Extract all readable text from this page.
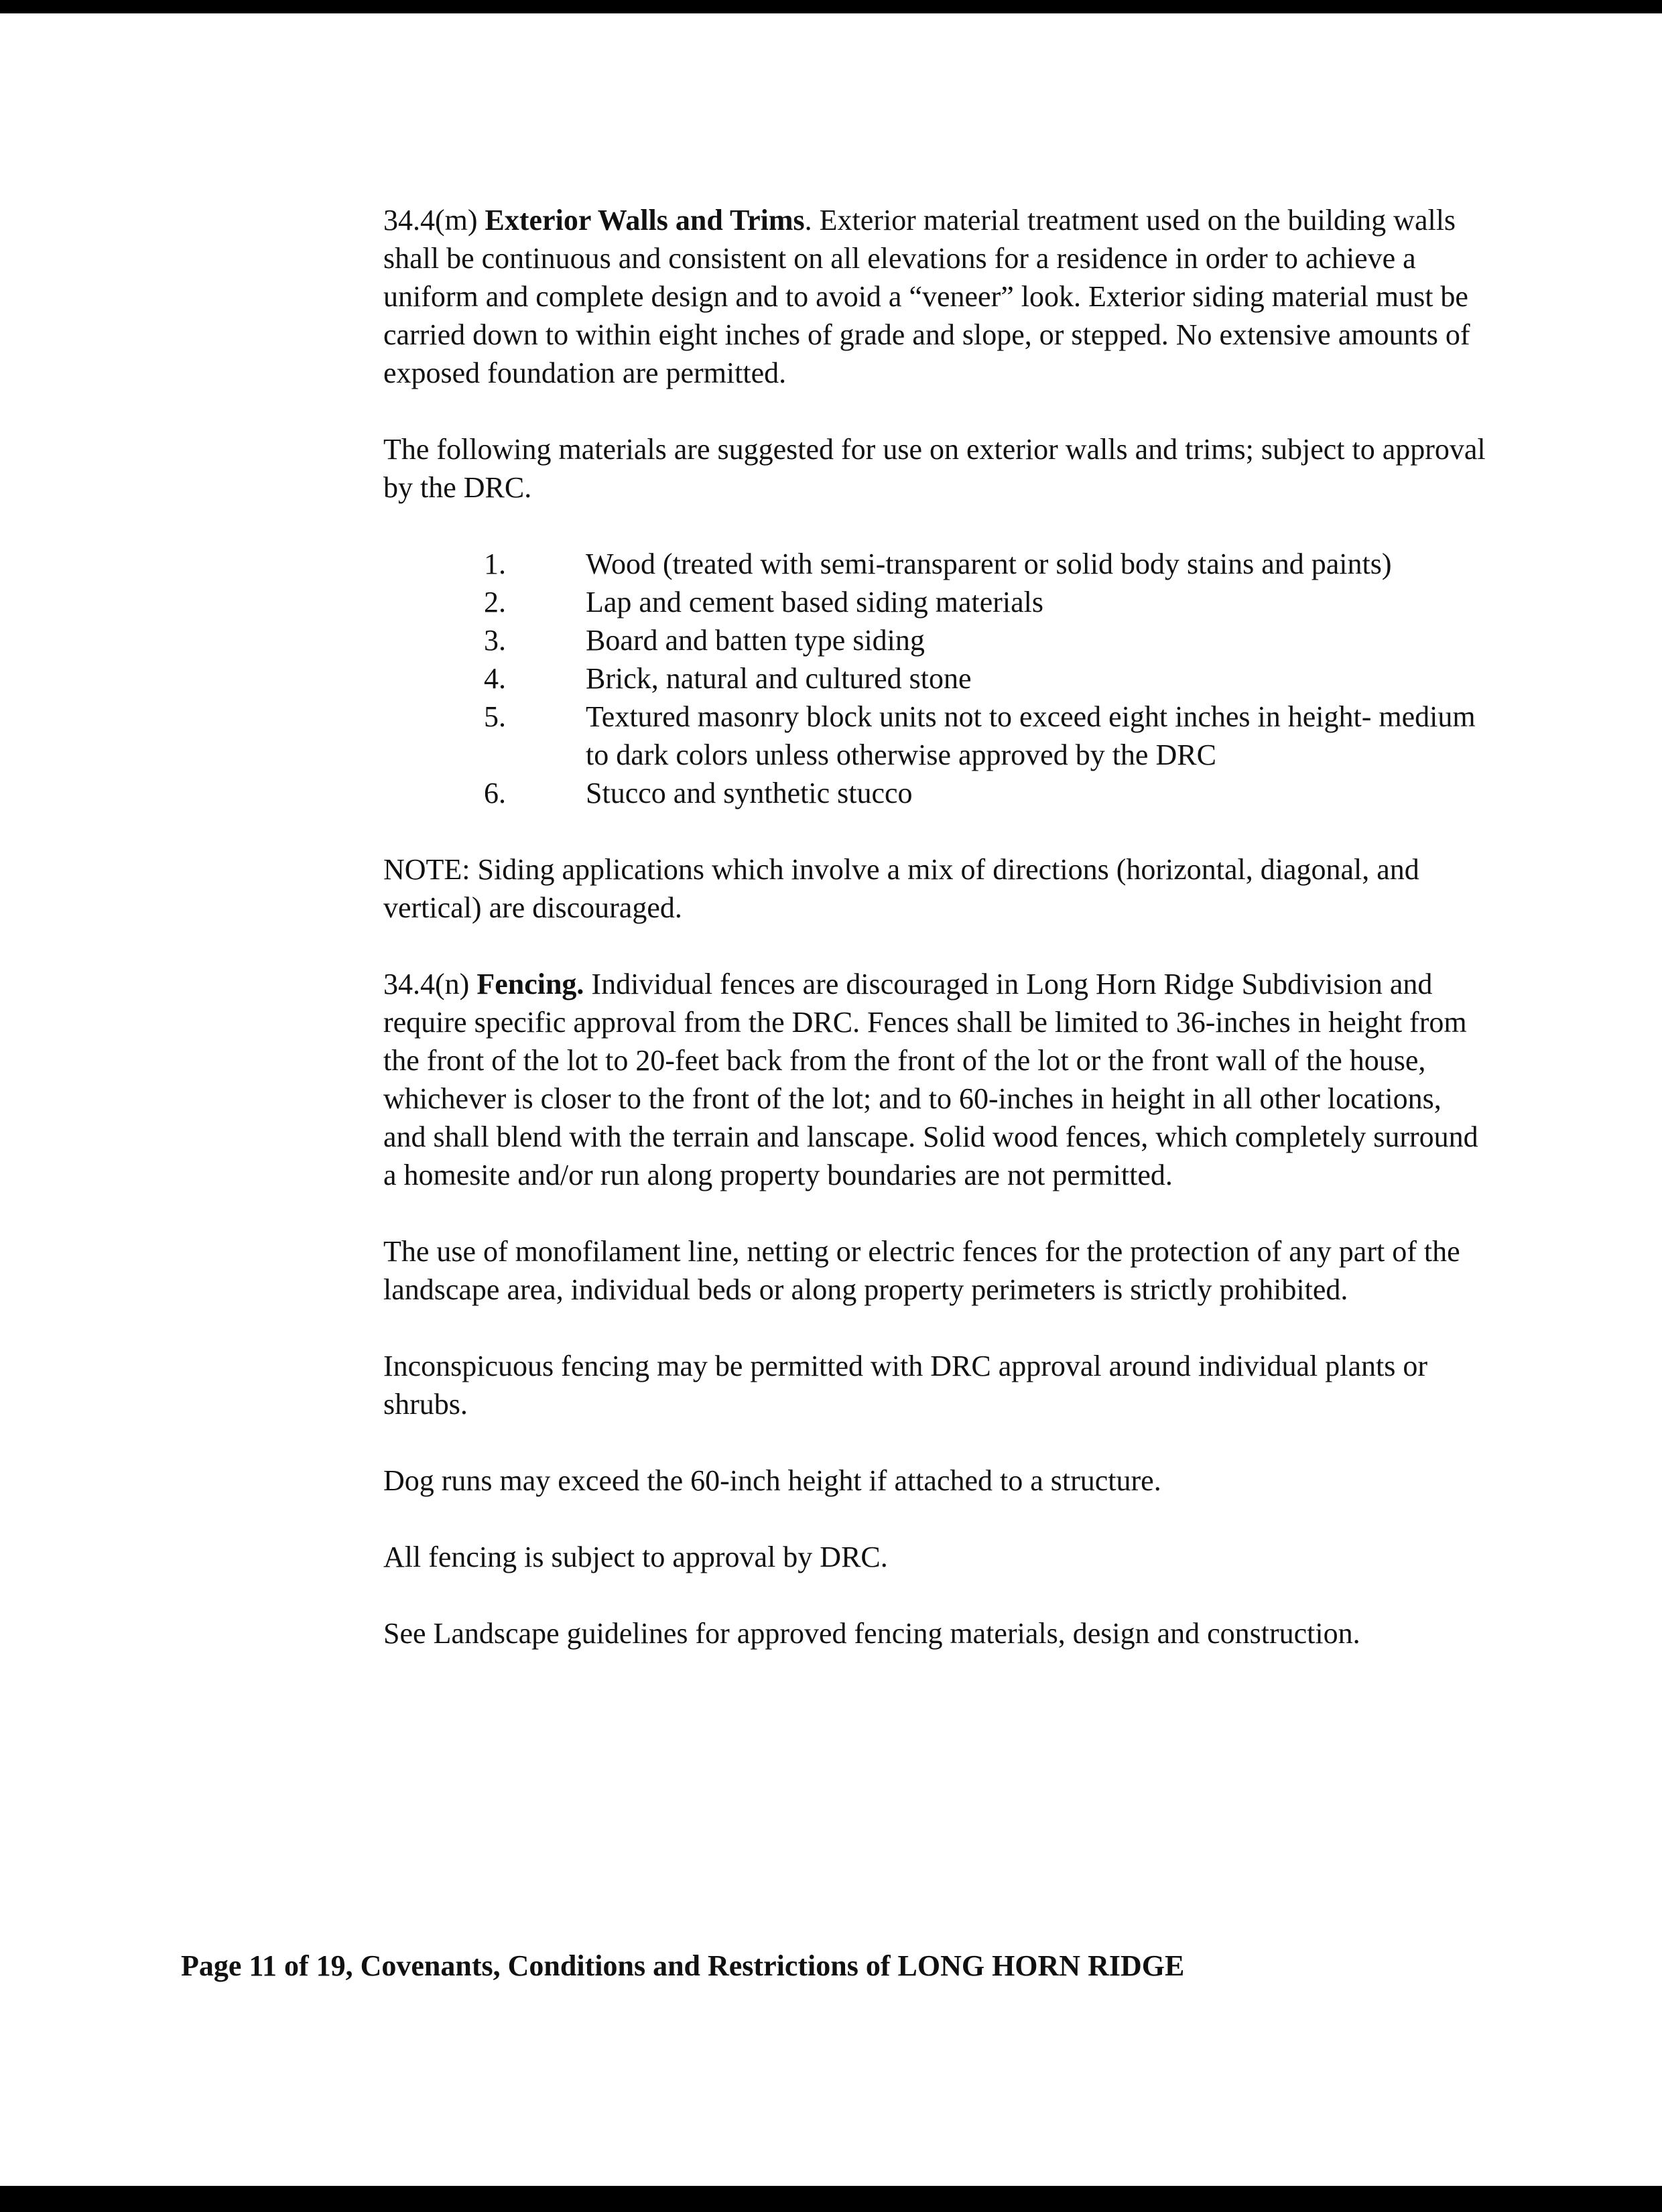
34.4(m) Exterior Walls and Trims. Exterior material treatment used on the building walls shall be continuous and consistent on all elevations for a residence in order to achieve a uniform and complete design and to avoid a “veneer” look. Exterior siding material must be carried down to within eight inches of grade and slope, or stepped. No extensive amounts of exposed foundation are permitted.

The following materials are suggested for use on exterior walls and trims; subject to approval by the DRC.

1.	Wood (treated with semi-transparent or solid body stains and paints)
2.	Lap and cement based siding materials
3.	Board and batten type siding
4.	Brick, natural and cultured stone
5.	Textured masonry block units not to exceed eight inches in height- medium to dark colors unless otherwise approved by the DRC
6.	Stucco and synthetic stucco

NOTE: Siding applications which involve a mix of directions (horizontal, diagonal, and vertical) are discouraged.

34.4(n) Fencing. Individual fences are discouraged in Long Horn Ridge Subdivision and require specific approval from the DRC. Fences shall be limited to 36-inches in height from the front of the lot to 20-feet back from the front of the lot or the front wall of the house, whichever is closer to the front of the lot; and to 60-inches in height in all other locations, and shall blend with the terrain and lanscape. Solid wood fences, which completely surround a homesite and/or run along property boundaries are not permitted.

The use of monofilament line, netting or electric fences for the protection of any part of the landscape area, individual beds or along property perimeters is strictly prohibited.

Inconspicuous fencing may be permitted with DRC approval around individual plants or shrubs.

Dog runs may exceed the 60-inch height if attached to a structure.

All fencing is subject to approval by DRC.

See Landscape guidelines for approved fencing materials, design and construction.

Page 11 of 19, Covenants, Conditions and Restrictions of LONG HORN RIDGE
